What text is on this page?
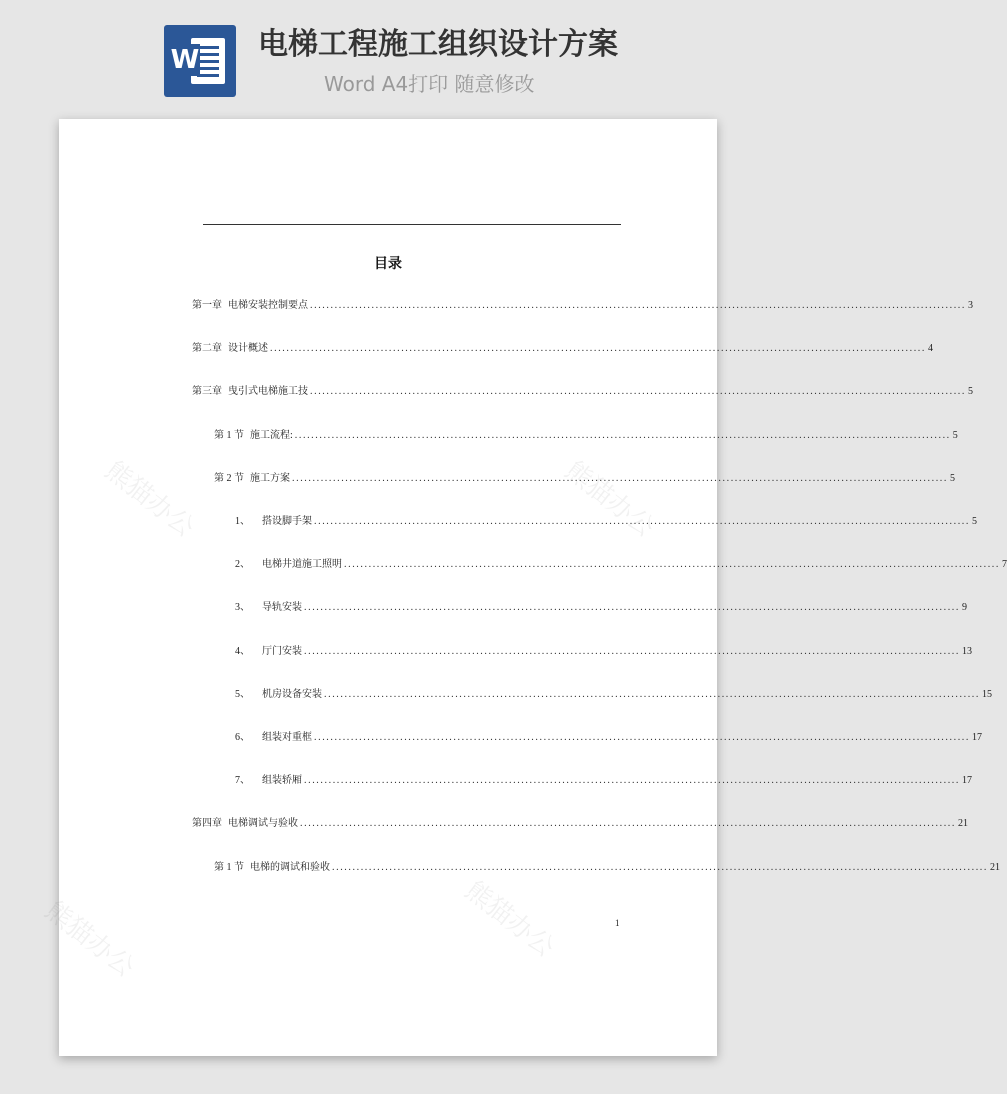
W 电梯工程施工组织设计方案
Word A4打印 随意修改
熊猫办公	熊猫办公
熊猫办公
熊猫办公
目录
第一章 电梯安装控制要点 ................................................................................................................................................................ 3
第二章 设计概述 ................................................................................................................................................................ 4
第三章 曳引式电梯施工技 ................................................................................................................................................................ 5
第 1 节 施工流程: ................................................................................................................................................................ 5
第 2 节 施工方案 ................................................................................................................................................................ 5
1、 搭设脚手架 ................................................................................................................................................................ 5
2、 电梯井道施工照明 ................................................................................................................................................................ 7
3、 导轨安装 ................................................................................................................................................................ 9
4、 厅门安装 ................................................................................................................................................................ 13
5、 机房设备安装 ................................................................................................................................................................ 15
6、 组装对重框 ................................................................................................................................................................ 17
7、 组装轿厢 ................................................................................................................................................................ 17
第四章 电梯调试与验收 ................................................................................................................................................................ 21
第 1 节 电梯的调试和验收 ................................................................................................................................................................ 21
1
